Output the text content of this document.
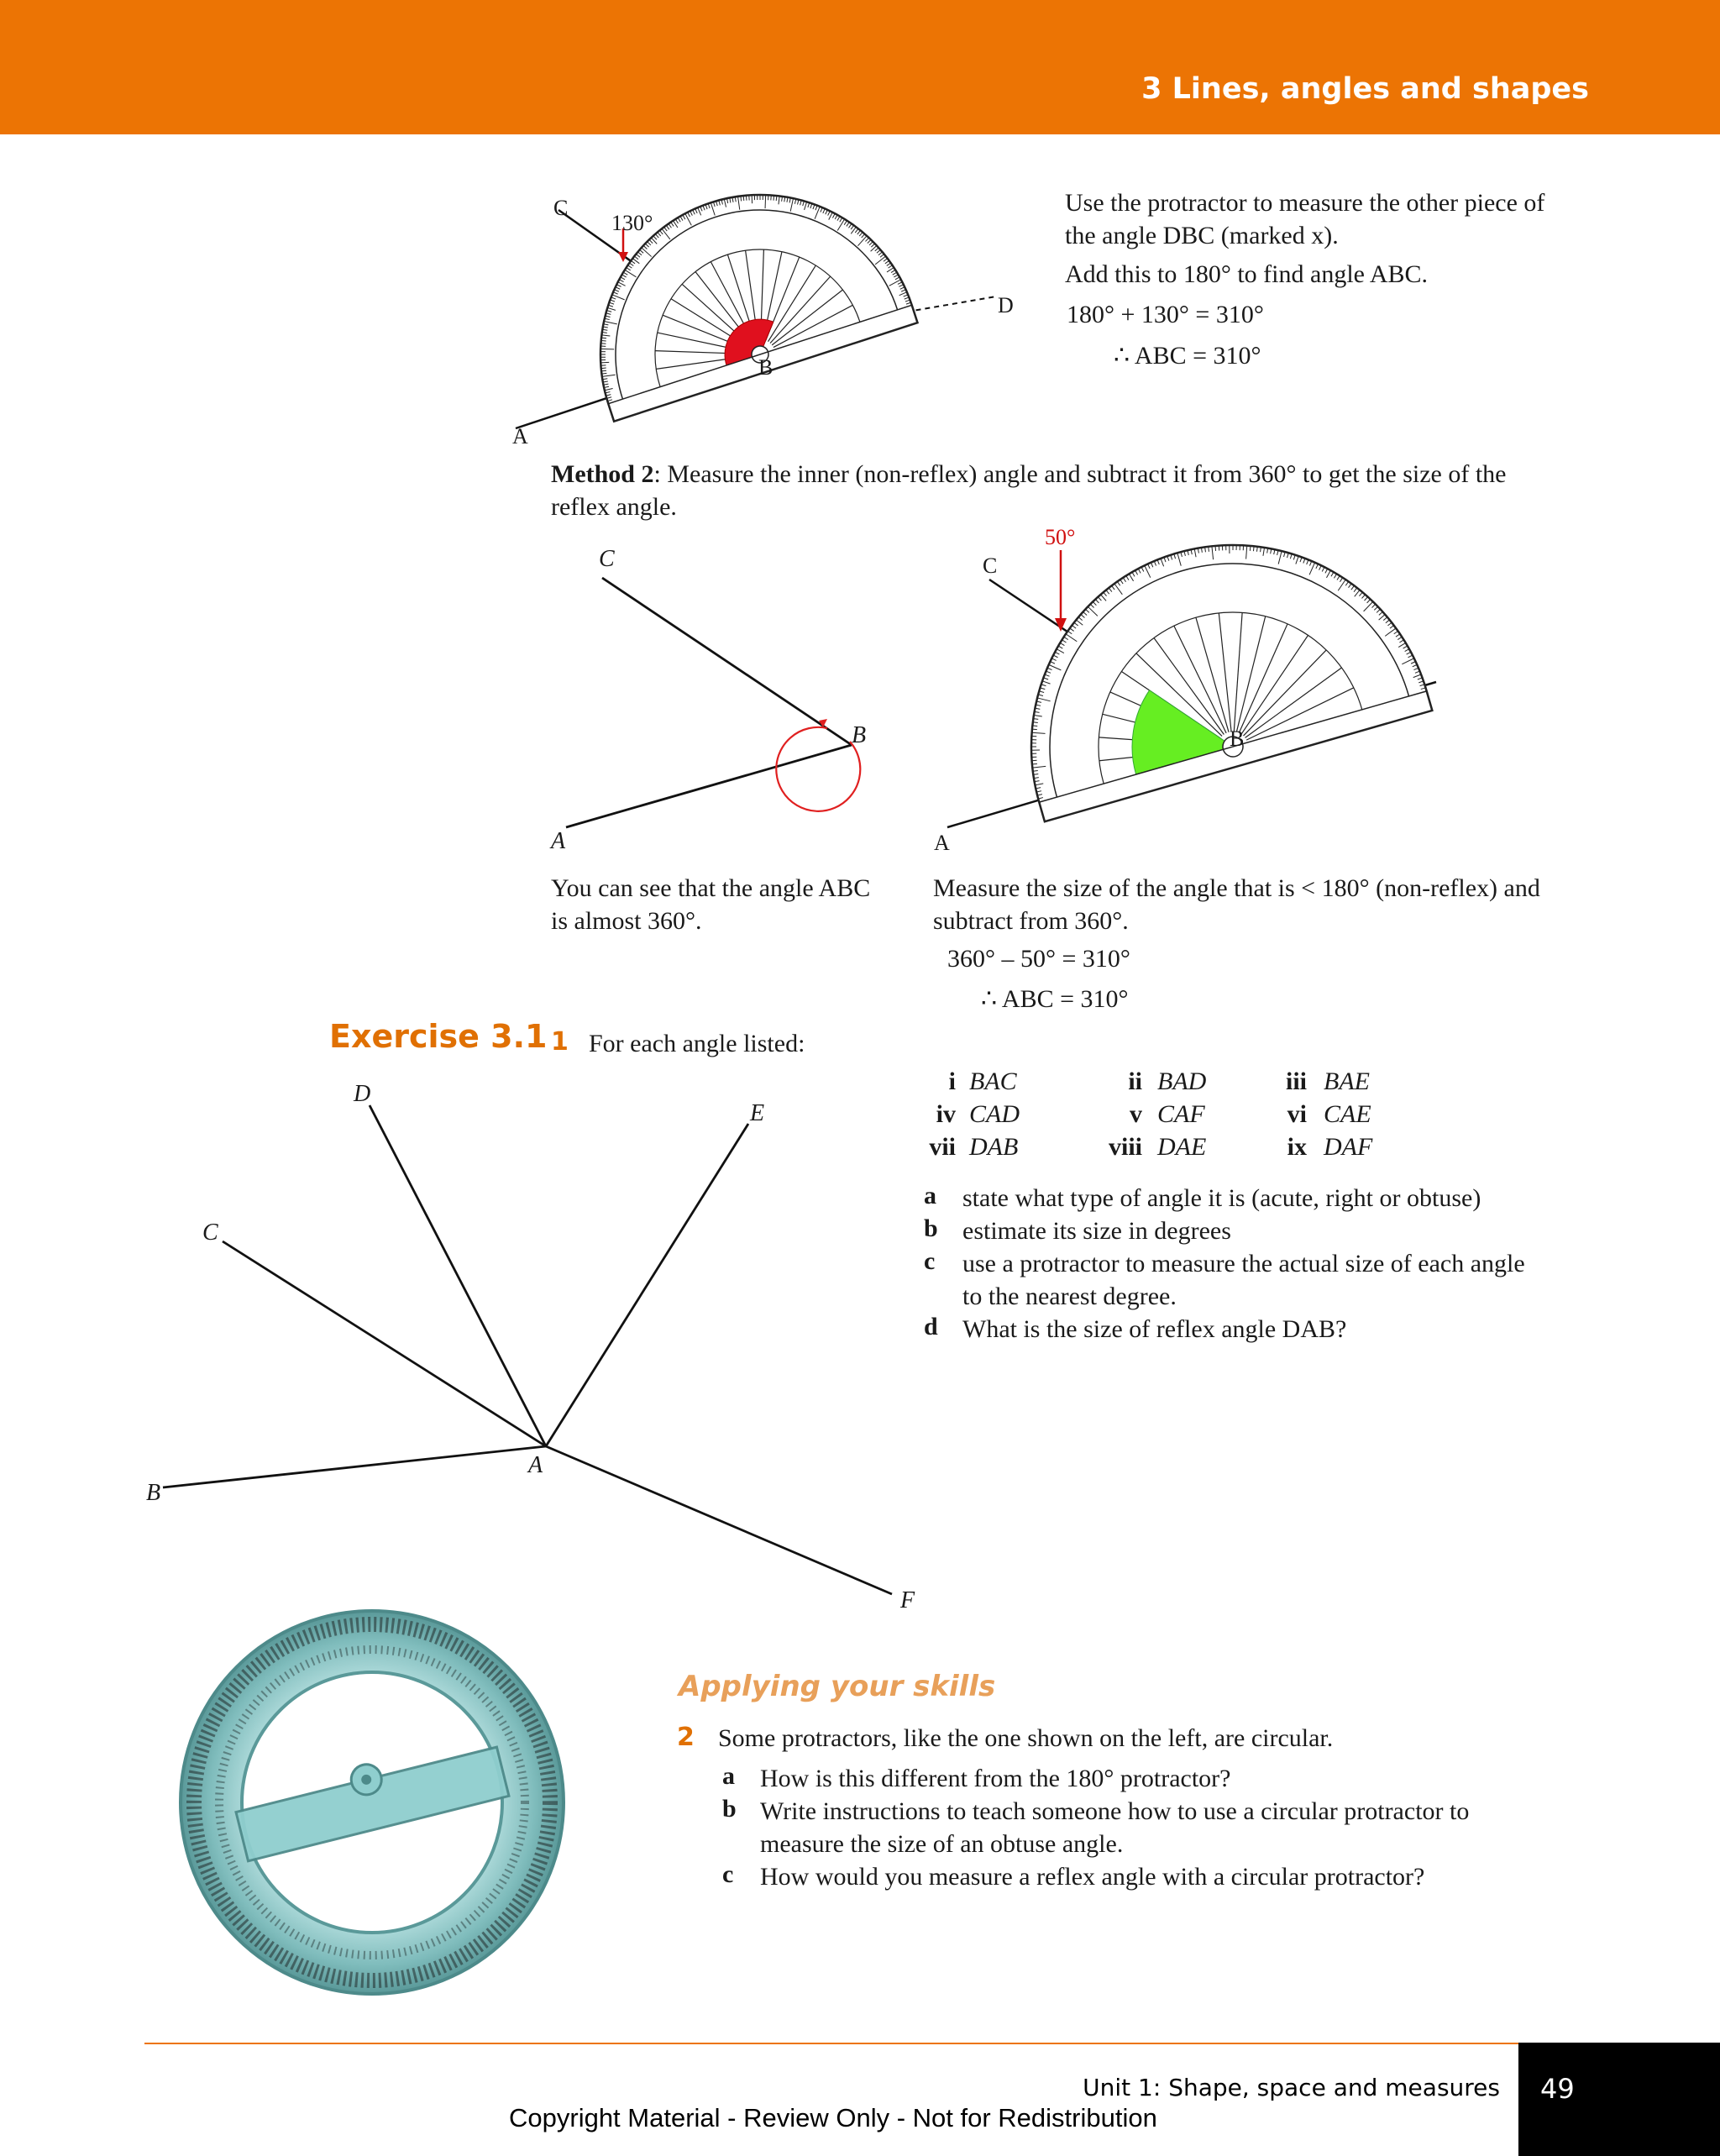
3 Lines, angles and shapes
C
130°
D
B
A
Use the protractor to measure the other piece of
the angle DBC (marked x).
Add this to 180° to find angle ABC.
180° + 130° = 310°
∴ ABC = 310°
Method 2: Measure the inner (non-reflex) angle and subtract it from 360° to get the size of the
reflex angle.
C
B
A
50°
C
B
A
You can see that the angle ABC
is almost 360°.
Measure the size of the angle that is < 180° (non-reflex) and
subtract from 360°.
360° – 50° = 310°
∴ ABC = 310°
Exercise 3.1 1 For each angle listed:
i BAC	ii BAD	iii BAE
iv CAD	v CAF	vi CAE
vii DAB	viii DAE	ix DAF
a state what type of angle it is (acute, right or obtuse)
b estimate its size in degrees
c use a protractor to measure the actual size of each angle
to the nearest degree.
d What is the size of reflex angle DAB?
D
E
C
A
B
F
Applying your skills
2 Some protractors, like the one shown on the left, are circular.
a How is this different from the 180° protractor?
b Write instructions to teach someone how to use a circular protractor to
measure the size of an obtuse angle.
c How would you measure a reflex angle with a circular protractor?
Unit 1: Shape, space and measures 49
Copyright Material - Review Only - Not for Redistribution
